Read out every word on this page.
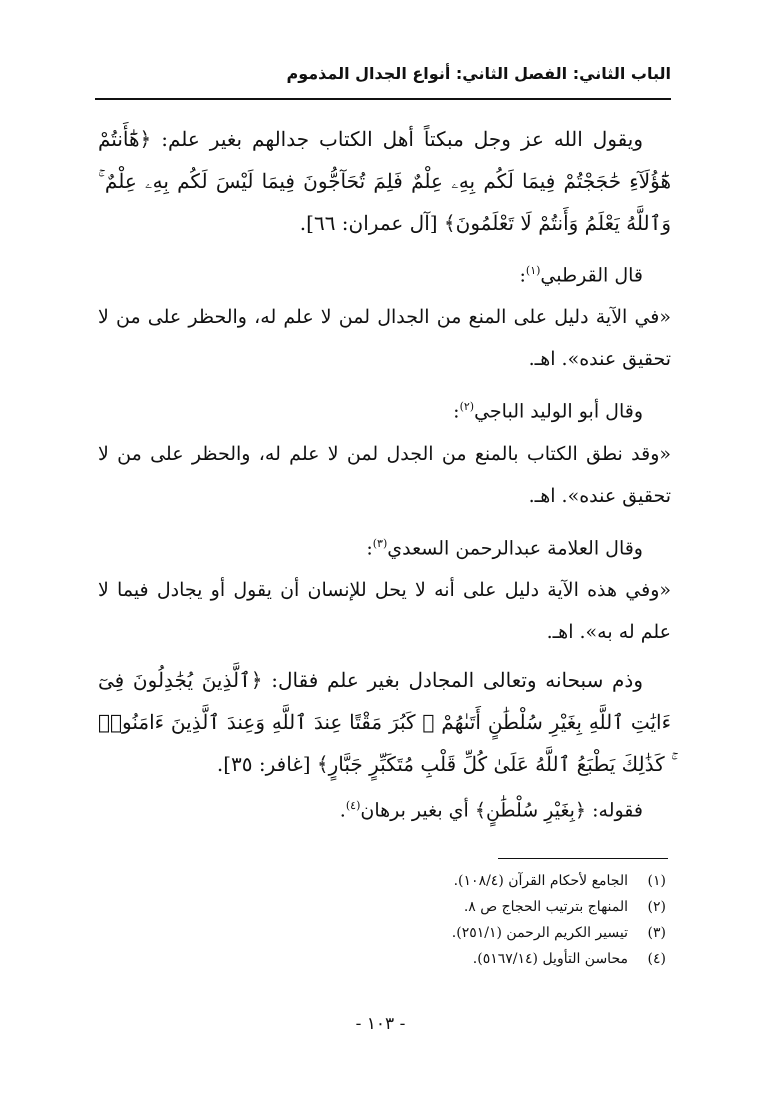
الباب الثاني: الفصل الثاني: أنواع الجدال المذموم

ويقول الله عز وجل مبكتاً أهل الكتاب جدالهم بغير علم: ﴿هَٰٓأَنتُمْ هَٰٓؤُلَآءِ حَٰجَجْتُمْ فِيمَا لَكُم بِهِۦ عِلْمٌ فَلِمَ تُحَآجُّونَ فِيمَا لَيْسَ لَكُم بِهِۦ عِلْمٌ ۚ وَٱللَّهُ يَعْلَمُ وَأَنتُمْ لَا تَعْلَمُونَ﴾ [آل عمران: ٦٦].

قال القرطبي$^{(١)}$:

«في الآية دليل على المنع من الجدال لمن لا علم له، والحظر على من لا تحقيق عنده». اهـ.

وقال أبو الوليد الباجي$^{(٢)}$:

«وقد نطق الكتاب بالمنع من الجدل لمن لا علم له، والحظر على من لا تحقيق عنده». اهـ.

وقال العلامة عبدالرحمن السعدي$^{(٣)}$:

«وفي هذه الآية دليل على أنه لا يحل للإنسان أن يقول أو يجادل فيما لا علم له به». اهـ.

وذم سبحانه وتعالى المجادل بغير علم فقال: ﴿ٱلَّذِينَ يُجَٰدِلُونَ فِىٓ ءَايَٰتِ ٱللَّهِ بِغَيْرِ سُلْطَٰنٍ أَتَىٰهُمْ ۖ كَبُرَ مَقْتًا عِندَ ٱللَّهِ وَعِندَ ٱلَّذِينَ ءَامَنُوا۟ ۚ كَذَٰلِكَ يَطْبَعُ ٱللَّهُ عَلَىٰ كُلِّ قَلْبِ مُتَكَبِّرٍ جَبَّارٍ﴾ [غافر: ٣٥].

فقوله: ﴿بِغَيْرِ سُلْطَٰنٍ﴾ أي بغير برهان$^{(٤)}$.

(١)الجامع لأحكام القرآن (١٠٨/٤).
(٢)المنهاج بترتيب الحجاج ص ٨.
(٣)تيسير الكريم الرحمن (٢٥١/١).
(٤)محاسن التأويل (٥١٦٧/١٤).
- ١٠٣ -
